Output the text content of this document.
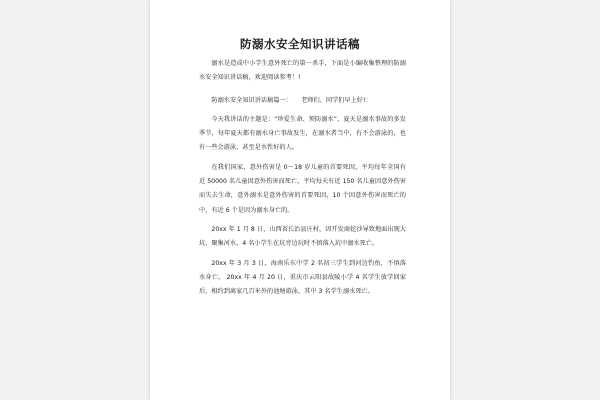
防溺水安全知识讲话稿

溺水是造成中小学生意外死亡的第一杀手，下面是小编收集整理的防溺水安全知识讲话稿，欢迎阅读参考！!

防溺水安全知识讲话稿篇一：　　老师们、同学们早上好!：

今天我讲话的主题是：“珍爱生命、预防溺水”，夏天是溺水事故的多发季节，每年夏天都有溺水身亡事故发生，在溺水者当中，有不会游泳的，也有一些会游泳、甚至是水性好的人。

在我们国家，意外伤害是 0～18 岁儿童的首要死因，平均每年全国有近 50000 名儿童因意外伤害而死亡，平均每天有近 150 名儿童因意外伤害而失去生命，意外溺水是意外伤害的首要死因，10 个因意外伤害而死亡的中，有近 6 个是因为溺水身亡的。

20xx 年 1 月 8 日，山西省长治县庄村，因开发商挖沙导致地面出现大坑，聚集河水，4 名小学生在坑旁边玩时不慎落入坑中溺水死亡。

20xx 年 3 月 3 日，海南乐东中学 2 名初三学生到河边钓鱼，不慎落水身亡。 20xx 年 4 月 20 日，重庆市云阳县故陵小学 4 名学生放学回家后，相约到离家几百米外的池塘游泳，其中 3 名学生溺水死亡。
